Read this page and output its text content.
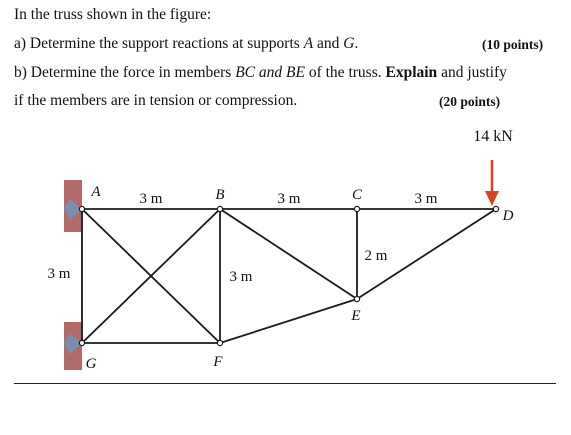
In the truss shown in the figure:
a) Determine the support reactions at supports A and G.	(10 points)
b) Determine the force in members BC and BE of the truss. Explain and justify
if the members are in tension or compression.	(20 points)
14 kN
A	B	C
D
E
F
G
3 m	3 m	3 m
3 m	3 m
2 m
